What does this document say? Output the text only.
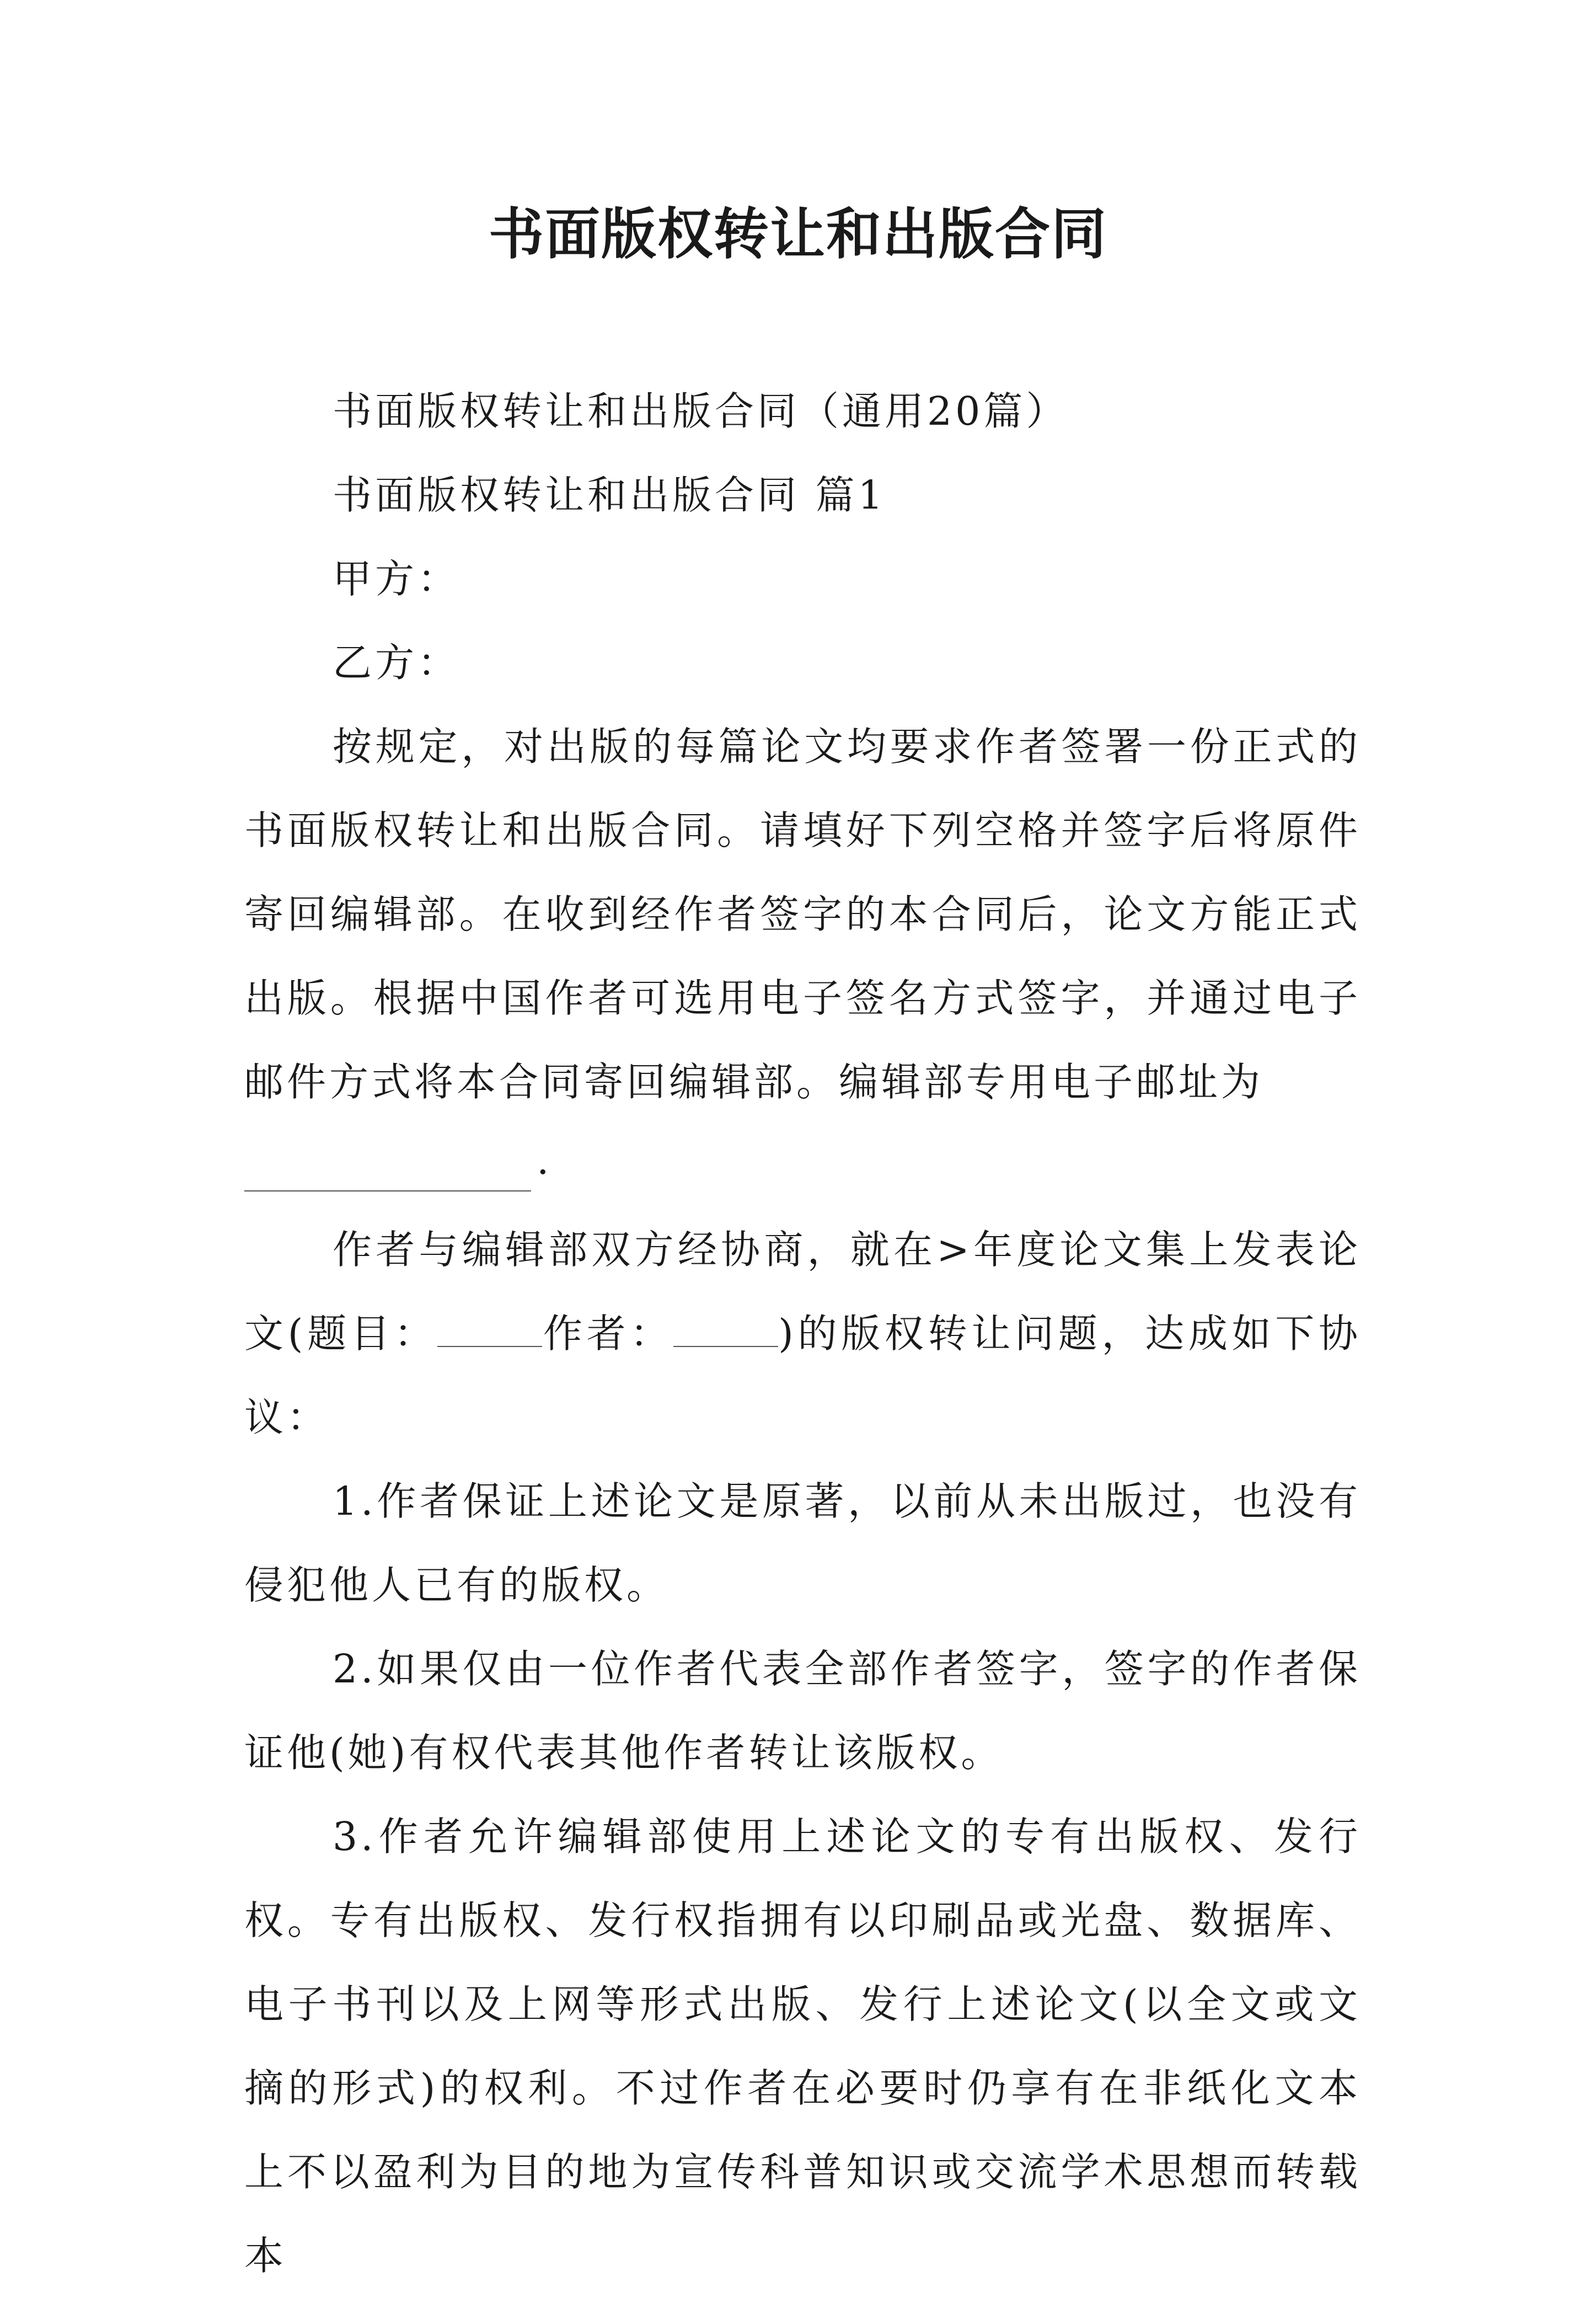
书面版权转让和出版合同

书面版权转让和出版合同（通用20篇）

书面版权转让和出版合同 篇1

甲方：

乙方：

按规定，对出版的每篇论文均要求作者签署一份正式的书面版权转让和出版合同。请填好下列空格并签字后将原件寄回编辑部。在收到经作者签字的本合同后，论文方能正式出版。根据中国作者可选用电子签名方式签字，并通过电子邮件方式将本合同寄回编辑部。编辑部专用电子邮址为

.

作者与编辑部双方经协商，就在>年度论文集上发表论文(题目：	作者：	)的版权转让问题，达成如下协议：

1.作者保证上述论文是原著，以前从未出版过，也没有侵犯他人已有的版权。

2.如果仅由一位作者代表全部作者签字，签字的作者保证他(她)有权代表其他作者转让该版权。

3.作者允许编辑部使用上述论文的专有出版权、发行权。专有出版权、发行权指拥有以印刷品或光盘、数据库、电子书刊以及上网等形式出版、发行上述论文(以全文或文摘的形式)的权利。不过作者在必要时仍享有在非纸化文本上不以盈利为目的地为宣传科普知识或交流学术思想而转载本
